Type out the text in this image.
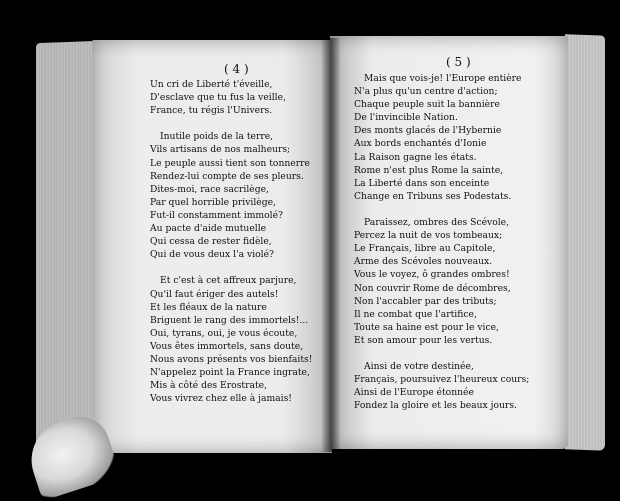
( 4 )	( 5 )
Un cri de Liberté t'éveille,
D'esclave que tu fus la veille,
France, tu régis l'Univers.
Inutile poids de la terre,
Vils artisans de nos malheurs;
Le peuple aussi tient son tonnerre
Rendez-lui compte de ses pleurs.
Dites-moi, race sacrilège,
Par quel horrible privilège,
Fut-il constamment immolé?
Au pacte d'aide mutuelle
Qui cessa de rester fidèle,
Qui de vous deux l'a violé?
Et c'est à cet affreux parjure,
Qu'il faut ériger des autels!
Et les fléaux de la nature
Briguent le rang des immortels!...
Oui, tyrans, oui, je vous écoute,
Vous êtes immortels, sans doute,
Nous avons présents vos bienfaits!
N'appelez point la France ingrate,
Mis à côté des Erostrate,
Vous vivrez chez elle à jamais!
Mais que vois-je! l'Europe entière
N'a plus qu'un centre d'action;
Chaque peuple suit la bannière
De l'invincible Nation.
Des monts glacés de l'Hybernie
Aux bords enchantés d'Ionie
La Raison gagne les états.
Rome n'est plus Rome la sainte,
La Liberté dans son enceinte
Change en Tribuns ses Podestats.
Paraissez, ombres des Scévole,
Percez la nuit de vos tombeaux;
Le Français, libre au Capitole,
Arme des Scévoles nouveaux.
Vous le voyez, ô grandes ombres!
Non couvrir Rome de décombres,
Non l'accabler par des tributs;
Il ne combat que l'artifice,
Toute sa haine est pour le vice,
Et son amour pour les vertus.
Ainsi de votre destinée,
Français, poursuivez l'heureux cours;
Ainsi de l'Europe étonnée
Fondez la gloire et les beaux jours.
